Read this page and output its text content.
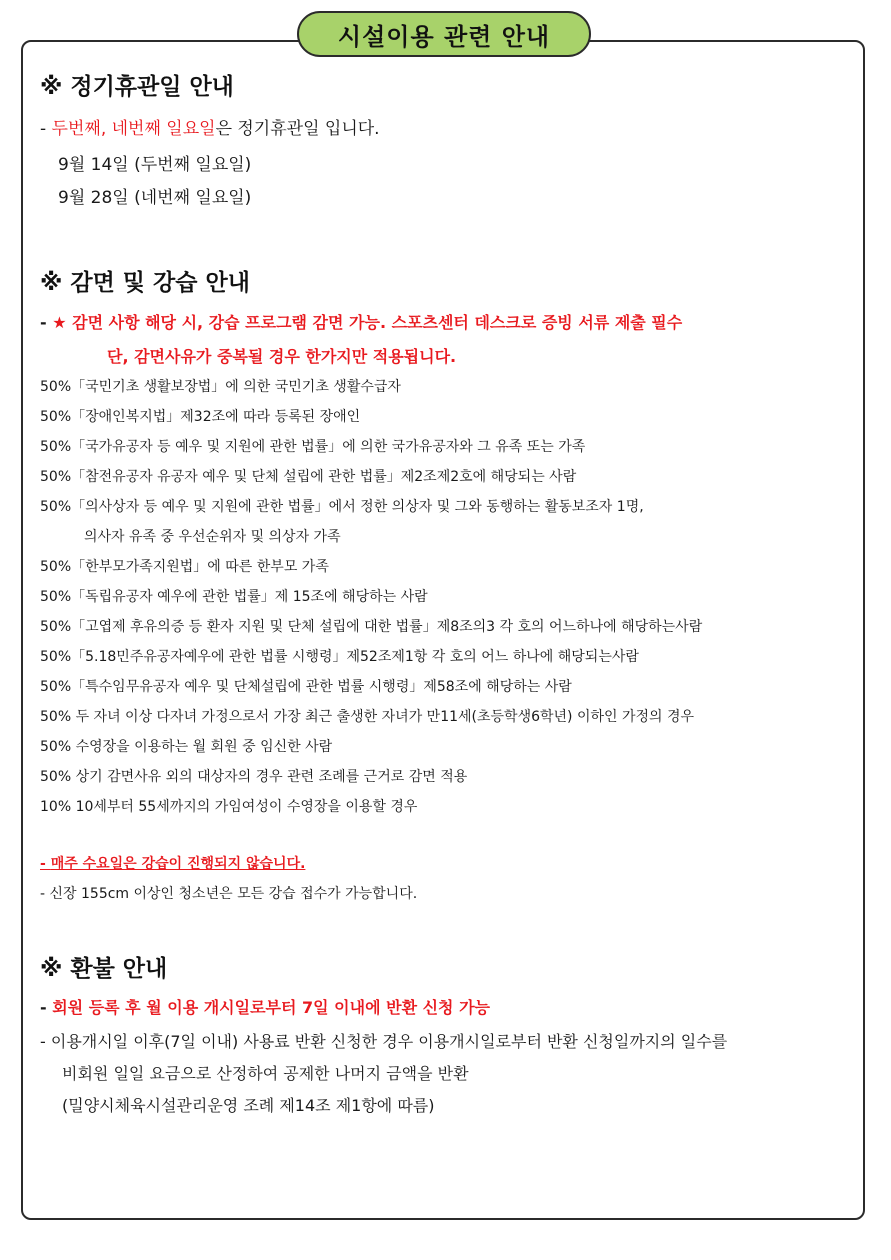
시설이용 관련 안내
※ 정기휴관일 안내
- 두번째, 네번째 일요일은 정기휴관일 입니다.
9월 14일 (두번째 일요일)
9월 28일 (네번째 일요일)
※ 감면 및 강습 안내
- ★ 감면 사항 해당 시, 강습 프로그램 감면 가능. 스포츠센터 데스크로 증빙 서류 제출 필수
단, 감면사유가 중복될 경우 한가지만 적용됩니다.
50%「국민기초 생활보장법」에 의한 국민기초 생활수급자
50%「장애인복지법」제32조에 따라 등록된 장애인
50%「국가유공자 등 예우 및 지원에 관한 법률」에 의한 국가유공자와 그 유족 또는 가족
50%「참전유공자 유공자 예우 및 단체 설립에 관한 법률」제2조제2호에 해당되는 사람
50%「의사상자 등 예우 및 지원에 관한 법률」에서 정한 의상자 및 그와 동행하는 활동보조자 1명,
의사자 유족 중 우선순위자 및 의상자 가족
50%「한부모가족지원법」에 따른 한부모 가족
50%「독립유공자 예우에 관한 법률」제 15조에 해당하는 사람
50%「고엽제 후유의증 등 환자 지원 및 단체 설립에 대한 법률」제8조의3 각 호의 어느하나에 해당하는사람
50%「5.18민주유공자예우에 관한 법률 시행령」제52조제1항 각 호의 어느 하나에 해당되는사람
50%「특수임무유공자 예우 및 단체설립에 관한 법률 시행령」제58조에 해당하는 사람
50% 두 자녀 이상 다자녀 가정으로서 가장 최근 출생한 자녀가 만11세(초등학생6학년) 이하인 가정의 경우
50% 수영장을 이용하는 월 회원 중 임신한 사람
50% 상기 감면사유 외의 대상자의 경우 관련 조례를 근거로 감면 적용
10% 10세부터 55세까지의 가임여성이 수영장을 이용할 경우
- 매주 수요일은 강습이 진행되지 않습니다.
- 신장 155cm 이상인 청소년은 모든 강습 접수가 가능합니다.
※ 환불 안내
- 회원 등록 후 월 이용 개시일로부터 7일 이내에 반환 신청 가능
- 이용개시일 이후(7일 이내) 사용료 반환 신청한 경우 이용개시일로부터 반환 신청일까지의 일수를
비회원 일일 요금으로 산정하여 공제한 나머지 금액을 반환
(밀양시체육시설관리운영 조례 제14조 제1항에 따름)
